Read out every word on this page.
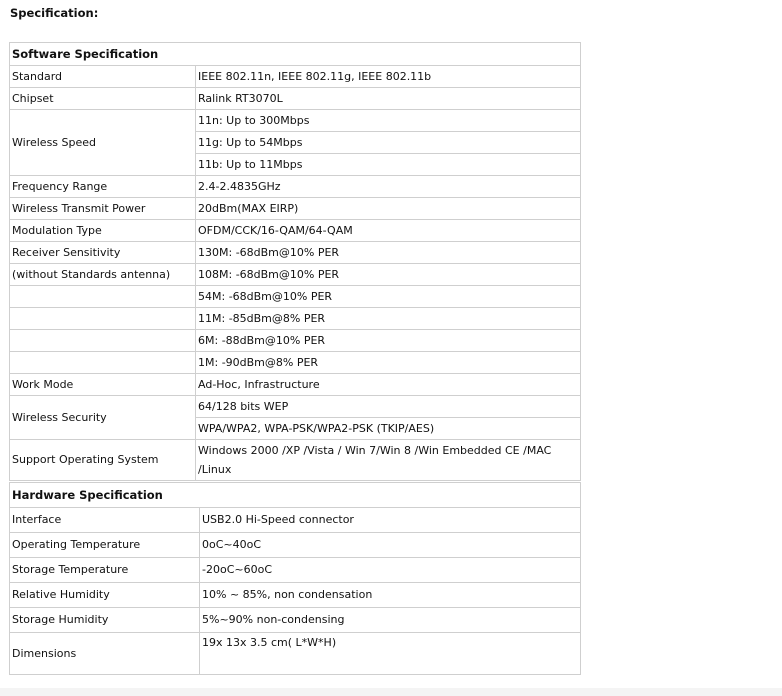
Specification:
Software Specification	
Standard	IEEE 802.11n, IEEE 802.11g, IEEE 802.11b
Chipset	Ralink RT3070L
Wireless Speed	11n: Up to 300Mbps
	11g: Up to 54Mbps
	11b: Up to 11Mbps
Frequency Range	2.4-2.4835GHz
Wireless Transmit Power	20dBm(MAX EIRP)
Modulation Type	OFDM/CCK/16-QAM/64-QAM
Receiver Sensitivity	130M: -68dBm@10% PER
(without Standards antenna)	108M: -68dBm@10% PER
	54M: -68dBm@10% PER
	11M: -85dBm@8% PER
	6M: -88dBm@10% PER
	1M: -90dBm@8% PER
Work Mode	Ad-Hoc, Infrastructure
Wireless Security	64/128 bits WEP
	WPA/WPA2, WPA-PSK/WPA2-PSK (TKIP/AES)
Support Operating System	Windows 2000 /XP /Vista / Win 7/Win 8 /Win Embedded CE /MAC /Linux
Hardware Specification	
Interface	USB2.0 Hi-Speed connector
Operating Temperature	0oC~40oC
Storage Temperature	-20oC~60oC
Relative Humidity	10% ~ 85%, non condensation
Storage Humidity	5%~90% non-condensing
Dimensions	19x 13x 3.5 cm( L*W*H)
